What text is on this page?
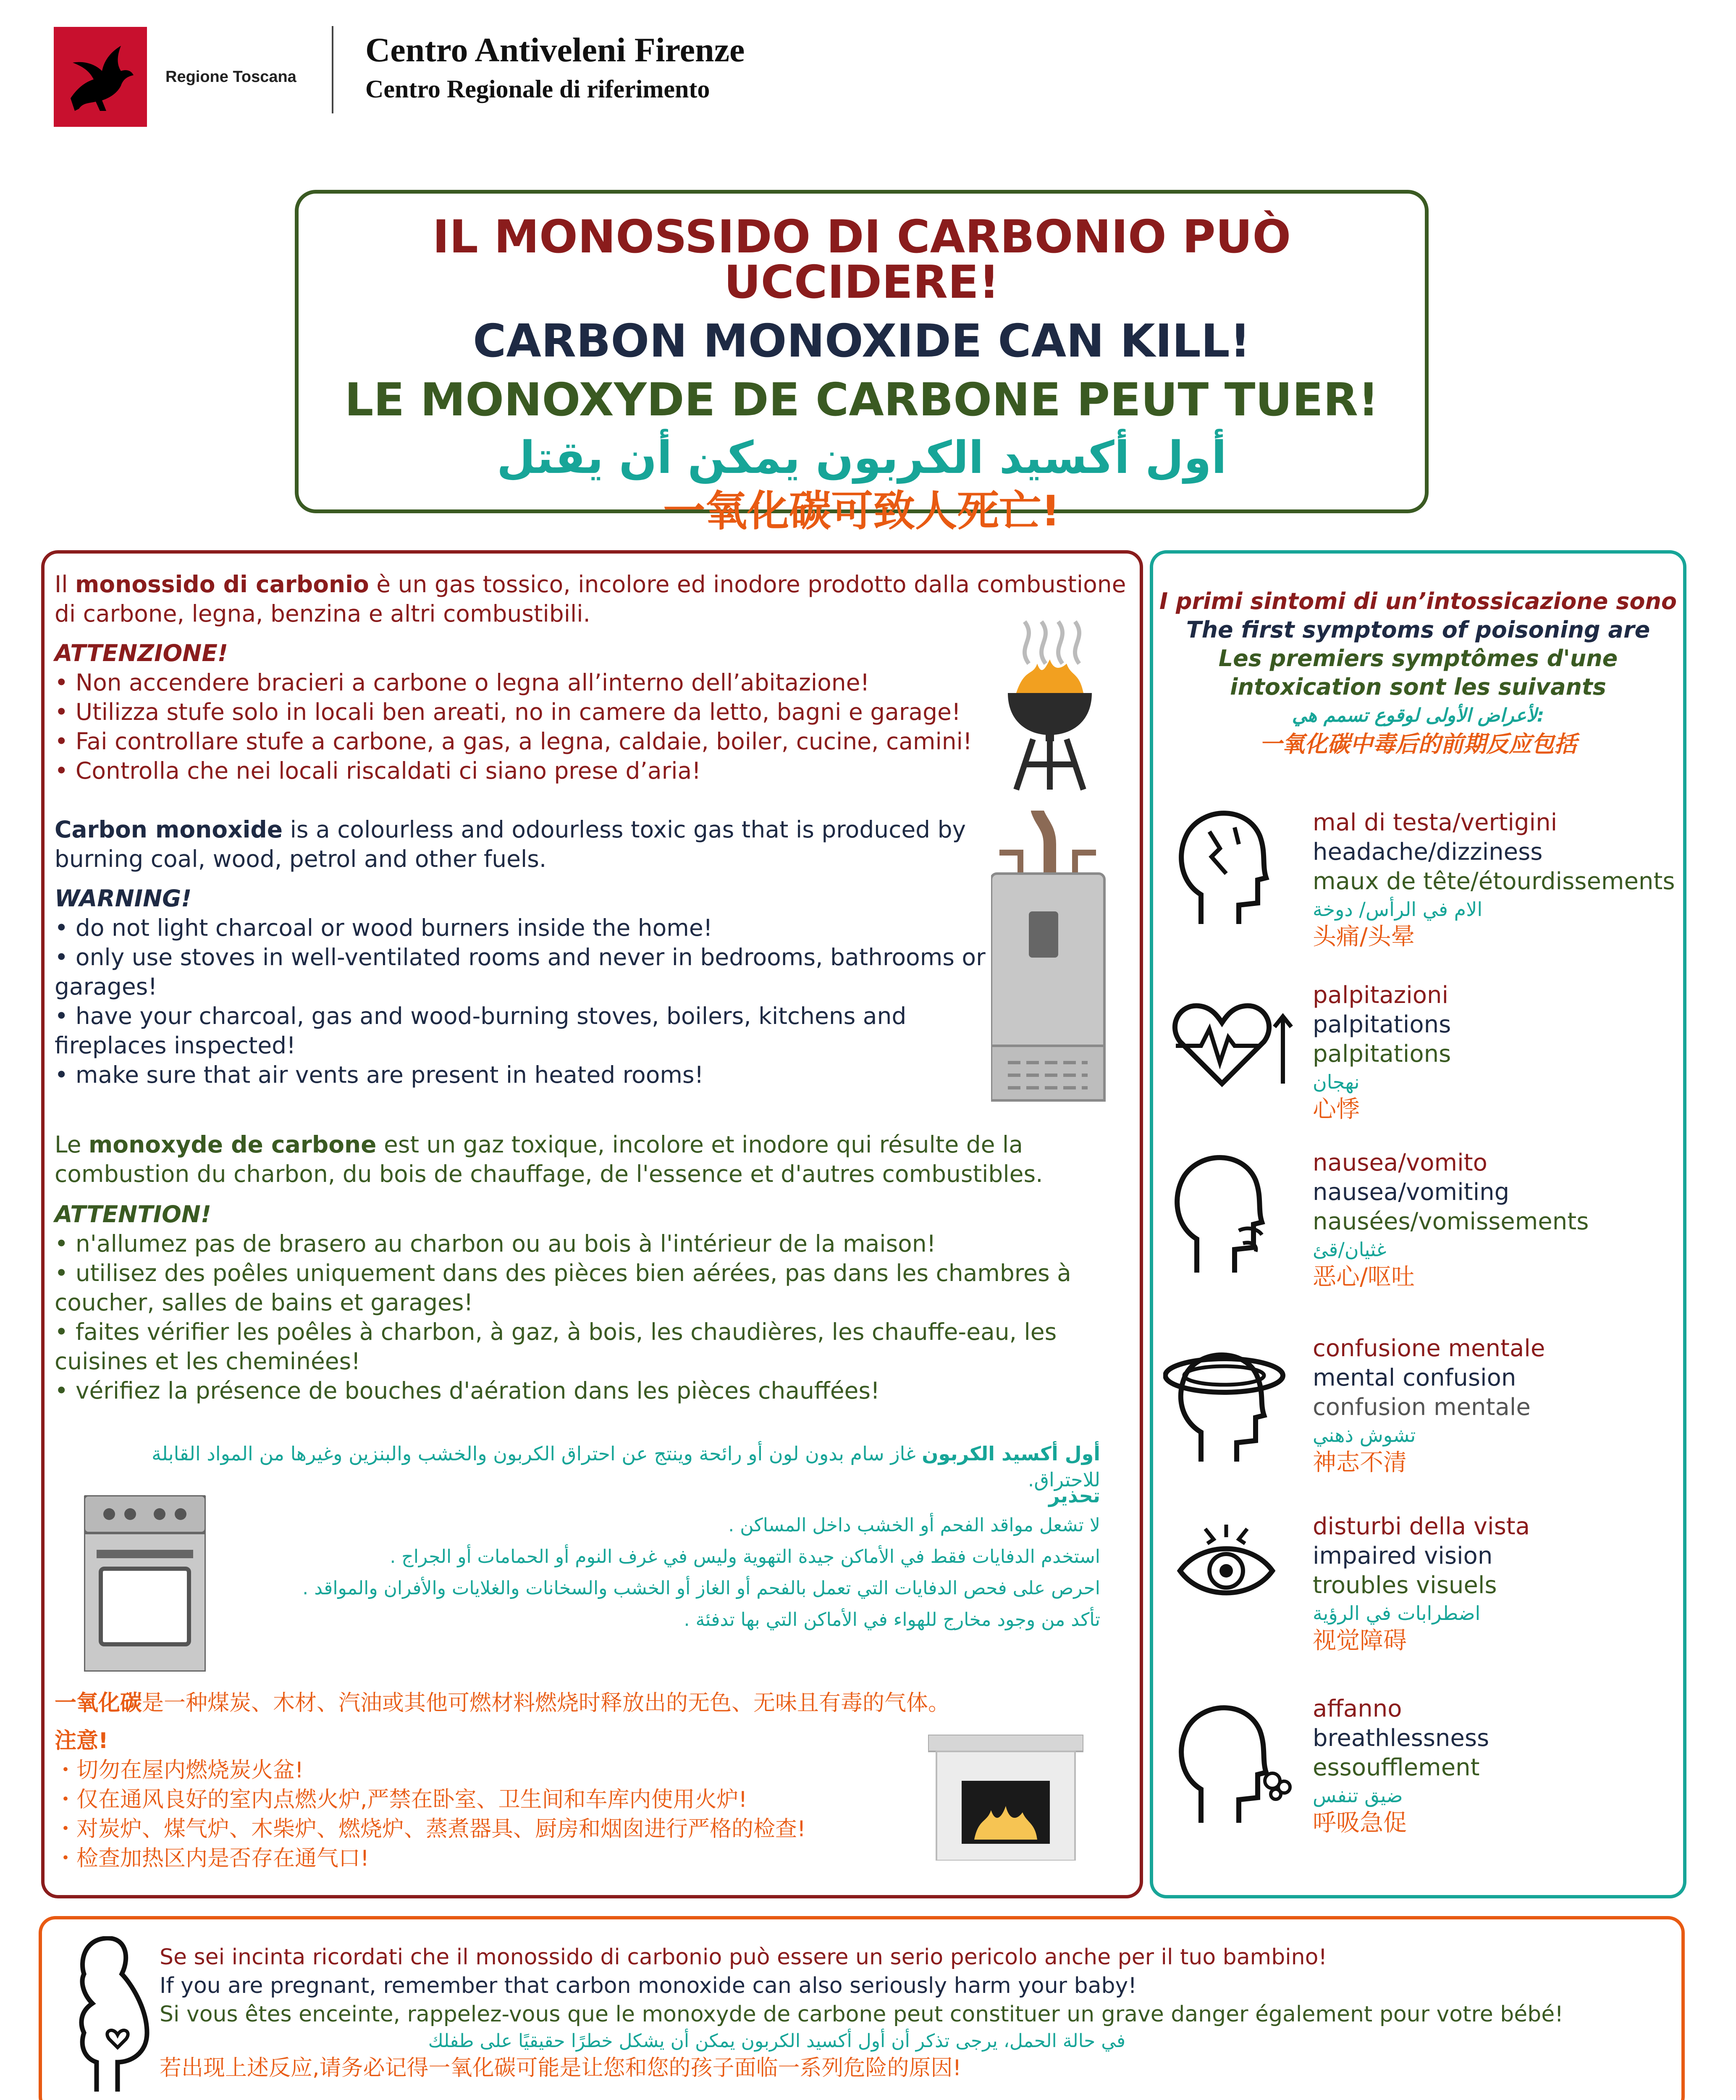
Regione Toscana
Centro Antiveleni Firenze
Centro Regionale di riferimento
IL MONOSSIDO DI CARBONIO PUÒ UCCIDERE!
CARBON MONOXIDE CAN KILL!
LE MONOXYDE DE CARBONE PEUT TUER!
أول أكسيد الكربون يمكن أن يقتل
一氧化碳可致人死亡!
Il monossido di carbonio è un gas tossico, incolore ed inodore prodotto dalla combustione
di carbone, legna, benzina e altri combustibili.
ATTENZIONE!
• Non accendere bracieri a carbone o legna all’interno dell’abitazione!
• Utilizza stufe solo in locali ben areati, no in camere da letto, bagni e garage!
• Fai controllare stufe a carbone, a gas, a legna, caldaie, boiler, cucine, camini!
• Controlla che nei locali riscaldati ci siano prese d’aria!
Carbon monoxide is a colourless and odourless toxic gas that is produced by
burning coal, wood, petrol and other fuels.
WARNING!
• do not light charcoal or wood burners inside the home!
• only use stoves in well-ventilated rooms and never in bedrooms, bathrooms or
garages!
• have your charcoal, gas and wood-burning stoves, boilers, kitchens and
fireplaces inspected!
• make sure that air vents are present in heated rooms!
Le monoxyde de carbone est un gaz toxique, incolore et inodore qui résulte de la
combustion du charbon, du bois de chauffage, de l'essence et d'autres combustibles.
ATTENTION!
• n'allumez pas de brasero au charbon ou au bois à l'intérieur de la maison!
• utilisez des poêles uniquement dans des pièces bien aérées, pas dans les chambres à
coucher, salles de bains et garages!
• faites vérifier les poêles à charbon, à gaz, à bois, les chaudières, les chauffe-eau, les
cuisines et les cheminées!
• vérifiez la présence de bouches d'aération dans les pièces chauffées!
أول أكسيد الكربون غاز سام بدون لون أو رائحة وينتج عن احتراق الكربون والخشب والبنزين وغيرها من المواد القابلة للاحتراق.
تحذير
لا تشعل مواقد الفحم أو الخشب داخل المساكن .
استخدم الدفايات فقط في الأماكن جيدة التهوية وليس في غرف النوم أو الحمامات أو الجراج .
احرص على فحص الدفايات التي تعمل بالفحم أو الغاز أو الخشب والسخانات والغلايات والأفران والمواقد .
تأكد من وجود مخارج للهواء في الأماكن التي بها تدفئة .
一氧化碳是一种煤炭、木材、汽油或其他可燃材料燃烧时释放出的无色、无味且有毒的气体。
注意!
・切勿在屋内燃烧炭火盆!
・仅在通风良好的室内点燃火炉,严禁在卧室、卫生间和车库内使用火炉!
・对炭炉、煤气炉、木柴炉、燃烧炉、蒸煮器具、厨房和烟囱进行严格的检查!
・检查加热区内是否存在通气口!
I primi sintomi di un’intossicazione sono
The first symptoms of poisoning are
Les premiers symptômes d'une
intoxication sont les suivants
لأعراض الأولى لوقوع تسمم هي:
一氧化碳中毒后的前期反应包括
mal di testa/vertigini
headache/dizziness
maux de tête/étourdissements
الام في الرأس/ دوخة
头痛/头晕
palpitazioni
palpitations
palpitations
نهجان
心悸
nausea/vomito
nausea/vomiting
nausées/vomissements
غثيان/قئ
恶心/呕吐
confusione mentale
mental confusion
confusion mentale
تشوش ذهني
神志不清
disturbi della vista
impaired vision
troubles visuels
اضطرابات في الرؤية
视觉障碍
affanno
breathlessness
essoufflement
ضيق تنفس
呼吸急促
Se sei incinta ricordati che il monossido di carbonio può essere un serio pericolo anche per il tuo bambino!
If you are pregnant, remember that carbon monoxide can also seriously harm your baby!
Si vous êtes enceinte, rappelez-vous que le monoxyde de carbone peut constituer un grave danger également pour votre bébé!
في حالة الحمل، يرجى تذكر أن أول أكسيد الكربون يمكن أن يشكل خطرًا حقيقيًا على طفلك
若出现上述反应,请务必记得一氧化碳可能是让您和您的孩子面临一系列危险的原因!
